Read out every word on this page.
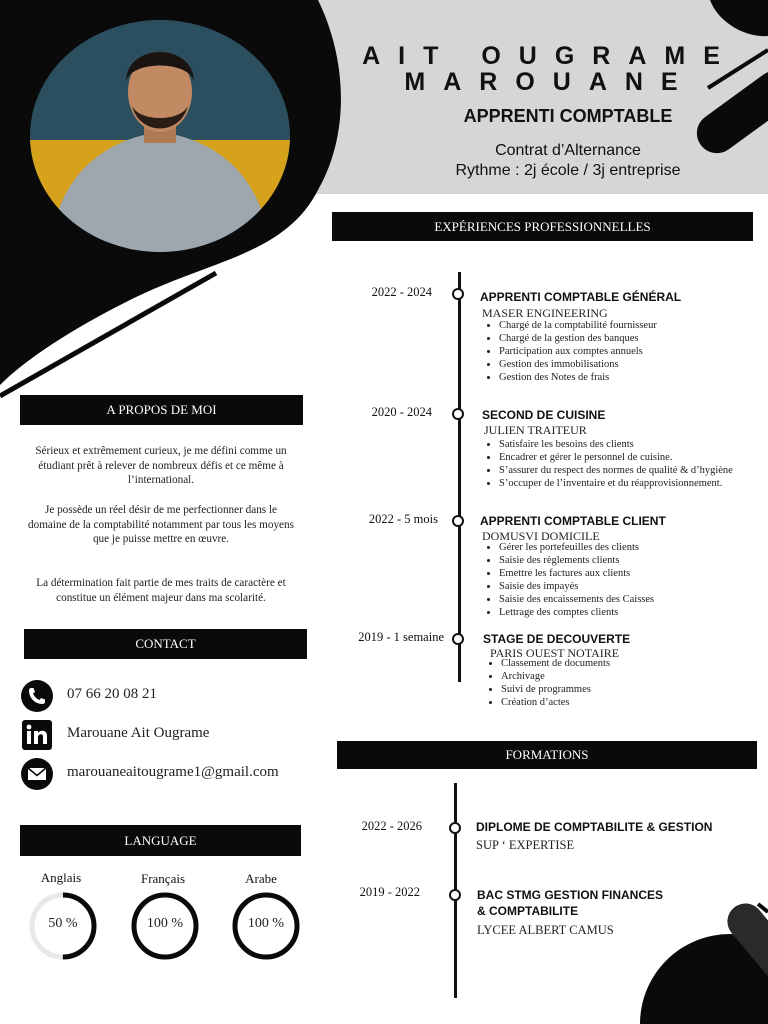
AIT OUGRAME
MAROUANE
APPRENTI COMPTABLE
Contrat d’Alternance
Rythme : 2j école / 3j entreprise
A PROPOS DE MOI
Sérieux et extrêmement curieux, je me défini comme un étudiant prêt à relever de nombreux défis et ce même à l’international.
Je possède un réel désir de me perfectionner dans le domaine de la comptabilité notamment par tous les moyens que je puisse mettre en œuvre.
La détermination fait partie de mes traits de caractère et constitue un élément majeur dans ma scolarité.
CONTACT
07 66 20 08 21
Marouane Ait Ougrame
marouaneaitougrame1@gmail.com
LANGUAGE
Anglais	Français	Arabe
50 %	100 %	100 %
EXPÉRIENCES PROFESSIONNELLES
2022 - 2024	APPRENTI COMPTABLE GÉNÉRAL
MASER ENGINEERING
• Chargé de la comptabilité fournisseur
• Chargé de la gestion des banques
• Participation aux comptes annuels
• Gestion des immobilisations
• Gestion des Notes de frais
2020 - 2024	SECOND DE CUISINE
JULIEN TRAITEUR
• Satisfaire les besoins des clients
• Encadrer et gérer le personnel de cuisine.
• S’assurer du respect des normes de qualité & d’hygiène
• S’occuper de l’inventaire et du réapprovisionnement.
2022 - 5 mois	APPRENTI COMPTABLE CLIENT
DOMUSVI DOMICILE
• Gérer les portefeuilles des clients
• Saisie des règlements clients
• Emettre les factures aux clients
• Saisie des impayés
• Saisie des encaissements des Caisses
• Lettrage des comptes clients
2019 - 1 semaine	STAGE DE DECOUVERTE
PARIS OUEST NOTAIRE
• Classement de documents
• Archivage
• Suivi de programmes
• Création d’actes
FORMATIONS
2022 - 2026	DIPLOME DE COMPTABILITE & GESTION
SUP ‘ EXPERTISE
2019 - 2022	BAC STMG GESTION FINANCES
& COMPTABILITE
LYCEE ALBERT CAMUS
